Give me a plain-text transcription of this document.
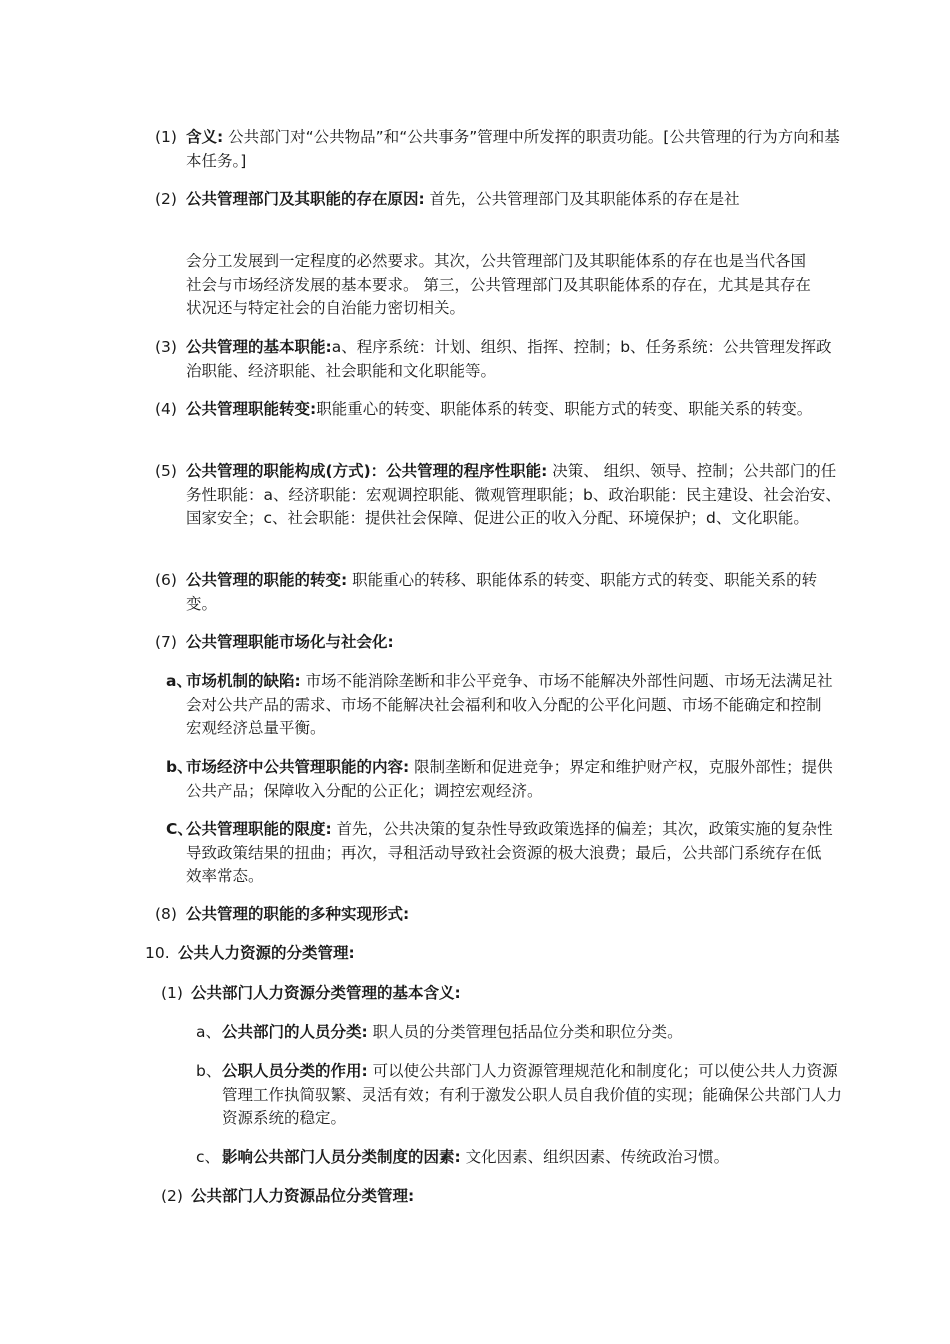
(1) 含义: 公共部门对“公共物品”和“公共事务”管理中所发挥的职责功能。[公共管理的行为方向和基本任务。]
(2) 公共管理部门及其职能的存在原因: 首先，公共管理部门及其职能体系的存在是社
会分工发展到一定程度的必然要求。其次，公共管理部门及其职能体系的存在也是当代各国社会与市场经济发展的基本要求。 第三，公共管理部门及其职能体系的存在，尤其是其存在状况还与特定社会的自治能力密切相关。
(3) 公共管理的基本职能:a、程序系统：计划、组织、指挥、控制；b、任务系统：公共管理发挥政治职能、经济职能、社会职能和文化职能等。
(4) 公共管理职能转变:职能重心的转变、职能体系的转变、职能方式的转变、职能关系的转变。
(5) 公共管理的职能构成(方式)：公共管理的程序性职能: 决策、 组织、领导、控制；公共部门的任务性职能：a、经济职能：宏观调控职能、微观管理职能；b、政治职能：民主建设、社会治安、国家安全；c、社会职能：提供社会保障、促进公正的收入分配、环境保护；d、文化职能。
(6) 公共管理的职能的转变: 职能重心的转移、职能体系的转变、职能方式的转变、职能关系的转变。
(7) 公共管理职能市场化与社会化:
a、
市场机制的缺陷: 市场不能消除垄断和非公平竞争、市场不能解决外部性问题、市场无法满足社会对公共产品的需求、市场不能解决社会福利和收入分配的公平化问题、市场不能确定和控制宏观经济总量平衡。
b、
市场经济中公共管理职能的内容: 限制垄断和促进竞争；界定和维护财产权，克服外部性；提供公共产品；保障收入分配的公正化；调控宏观经济。
C、
公共管理职能的限度: 首先，公共决策的复杂性导致政策选择的偏差；其次，政策实施的复杂性导致政策结果的扭曲；再次，寻租活动导致社会资源的极大浪费；最后，公共部门系统存在低效率常态。
(8) 公共管理的职能的多种实现形式:
10. 公共人力资源的分类管理:
(1) 公共部门人力资源分类管理的基本含义:
a、 公共部门的人员分类: 职人员的分类管理包括品位分类和职位分类。
b、 公职人员分类的作用: 可以使公共部门人力资源管理规范化和制度化；可以使公共人力资源管理工作执简驭繁、灵活有效；有利于激发公职人员自我价值的实现；能确保公共部门人力资源系统的稳定。
c、 影响公共部门人员分类制度的因素: 文化因素、组织因素、传统政治习惯。
(2) 公共部门人力资源品位分类管理:
